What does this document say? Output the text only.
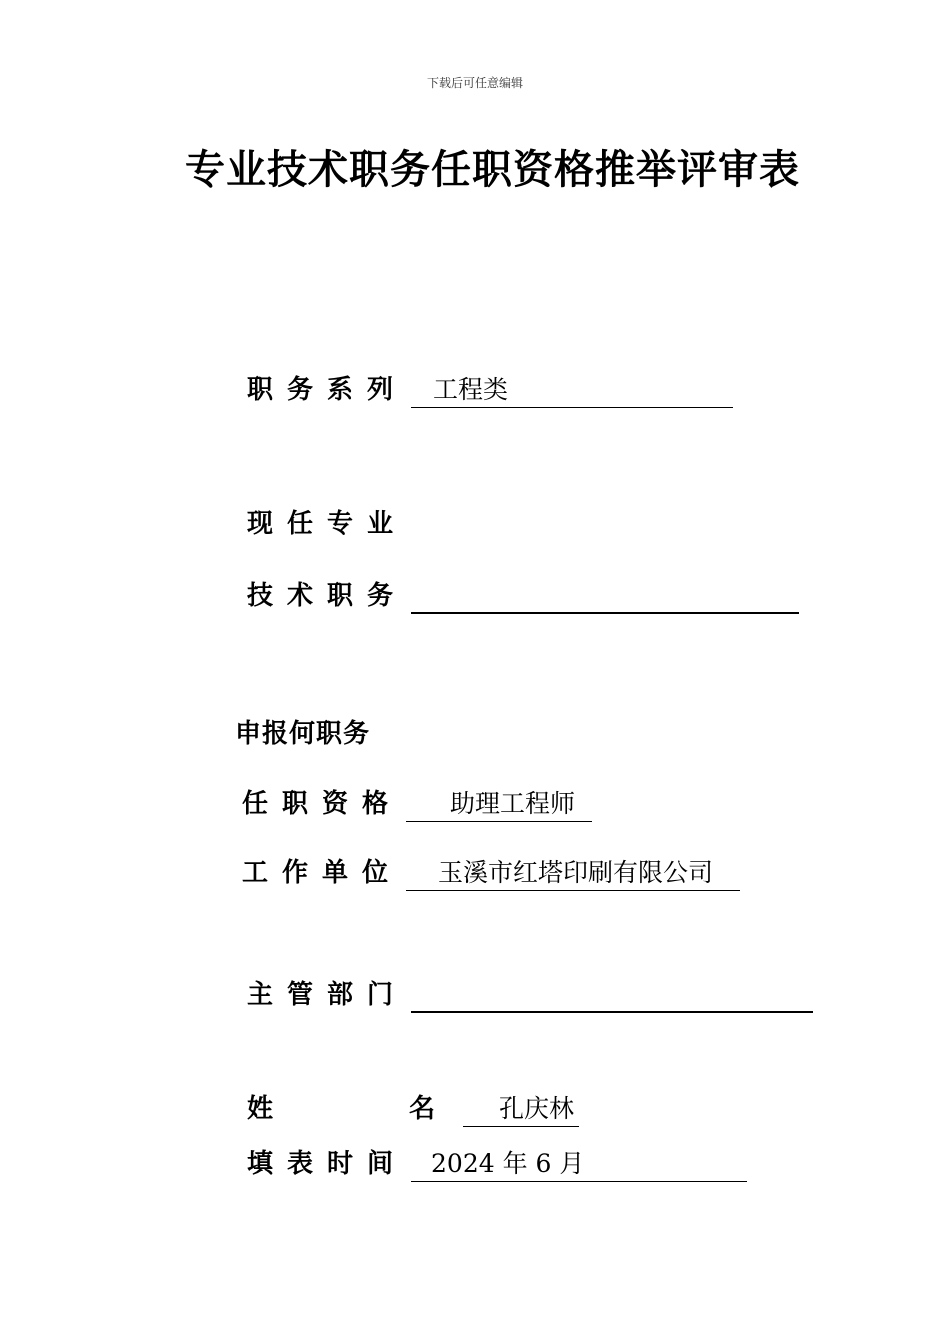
下载后可任意编辑
专业技术职务任职资格推举评审表
职务系列 工程类
现任专业
技术职务
申报何职务
任职资格 助理工程师
工作单位 玉溪市红塔印刷有限公司
主管部门
姓　　名 孔庆林
填表时间 2024 年 6 月
